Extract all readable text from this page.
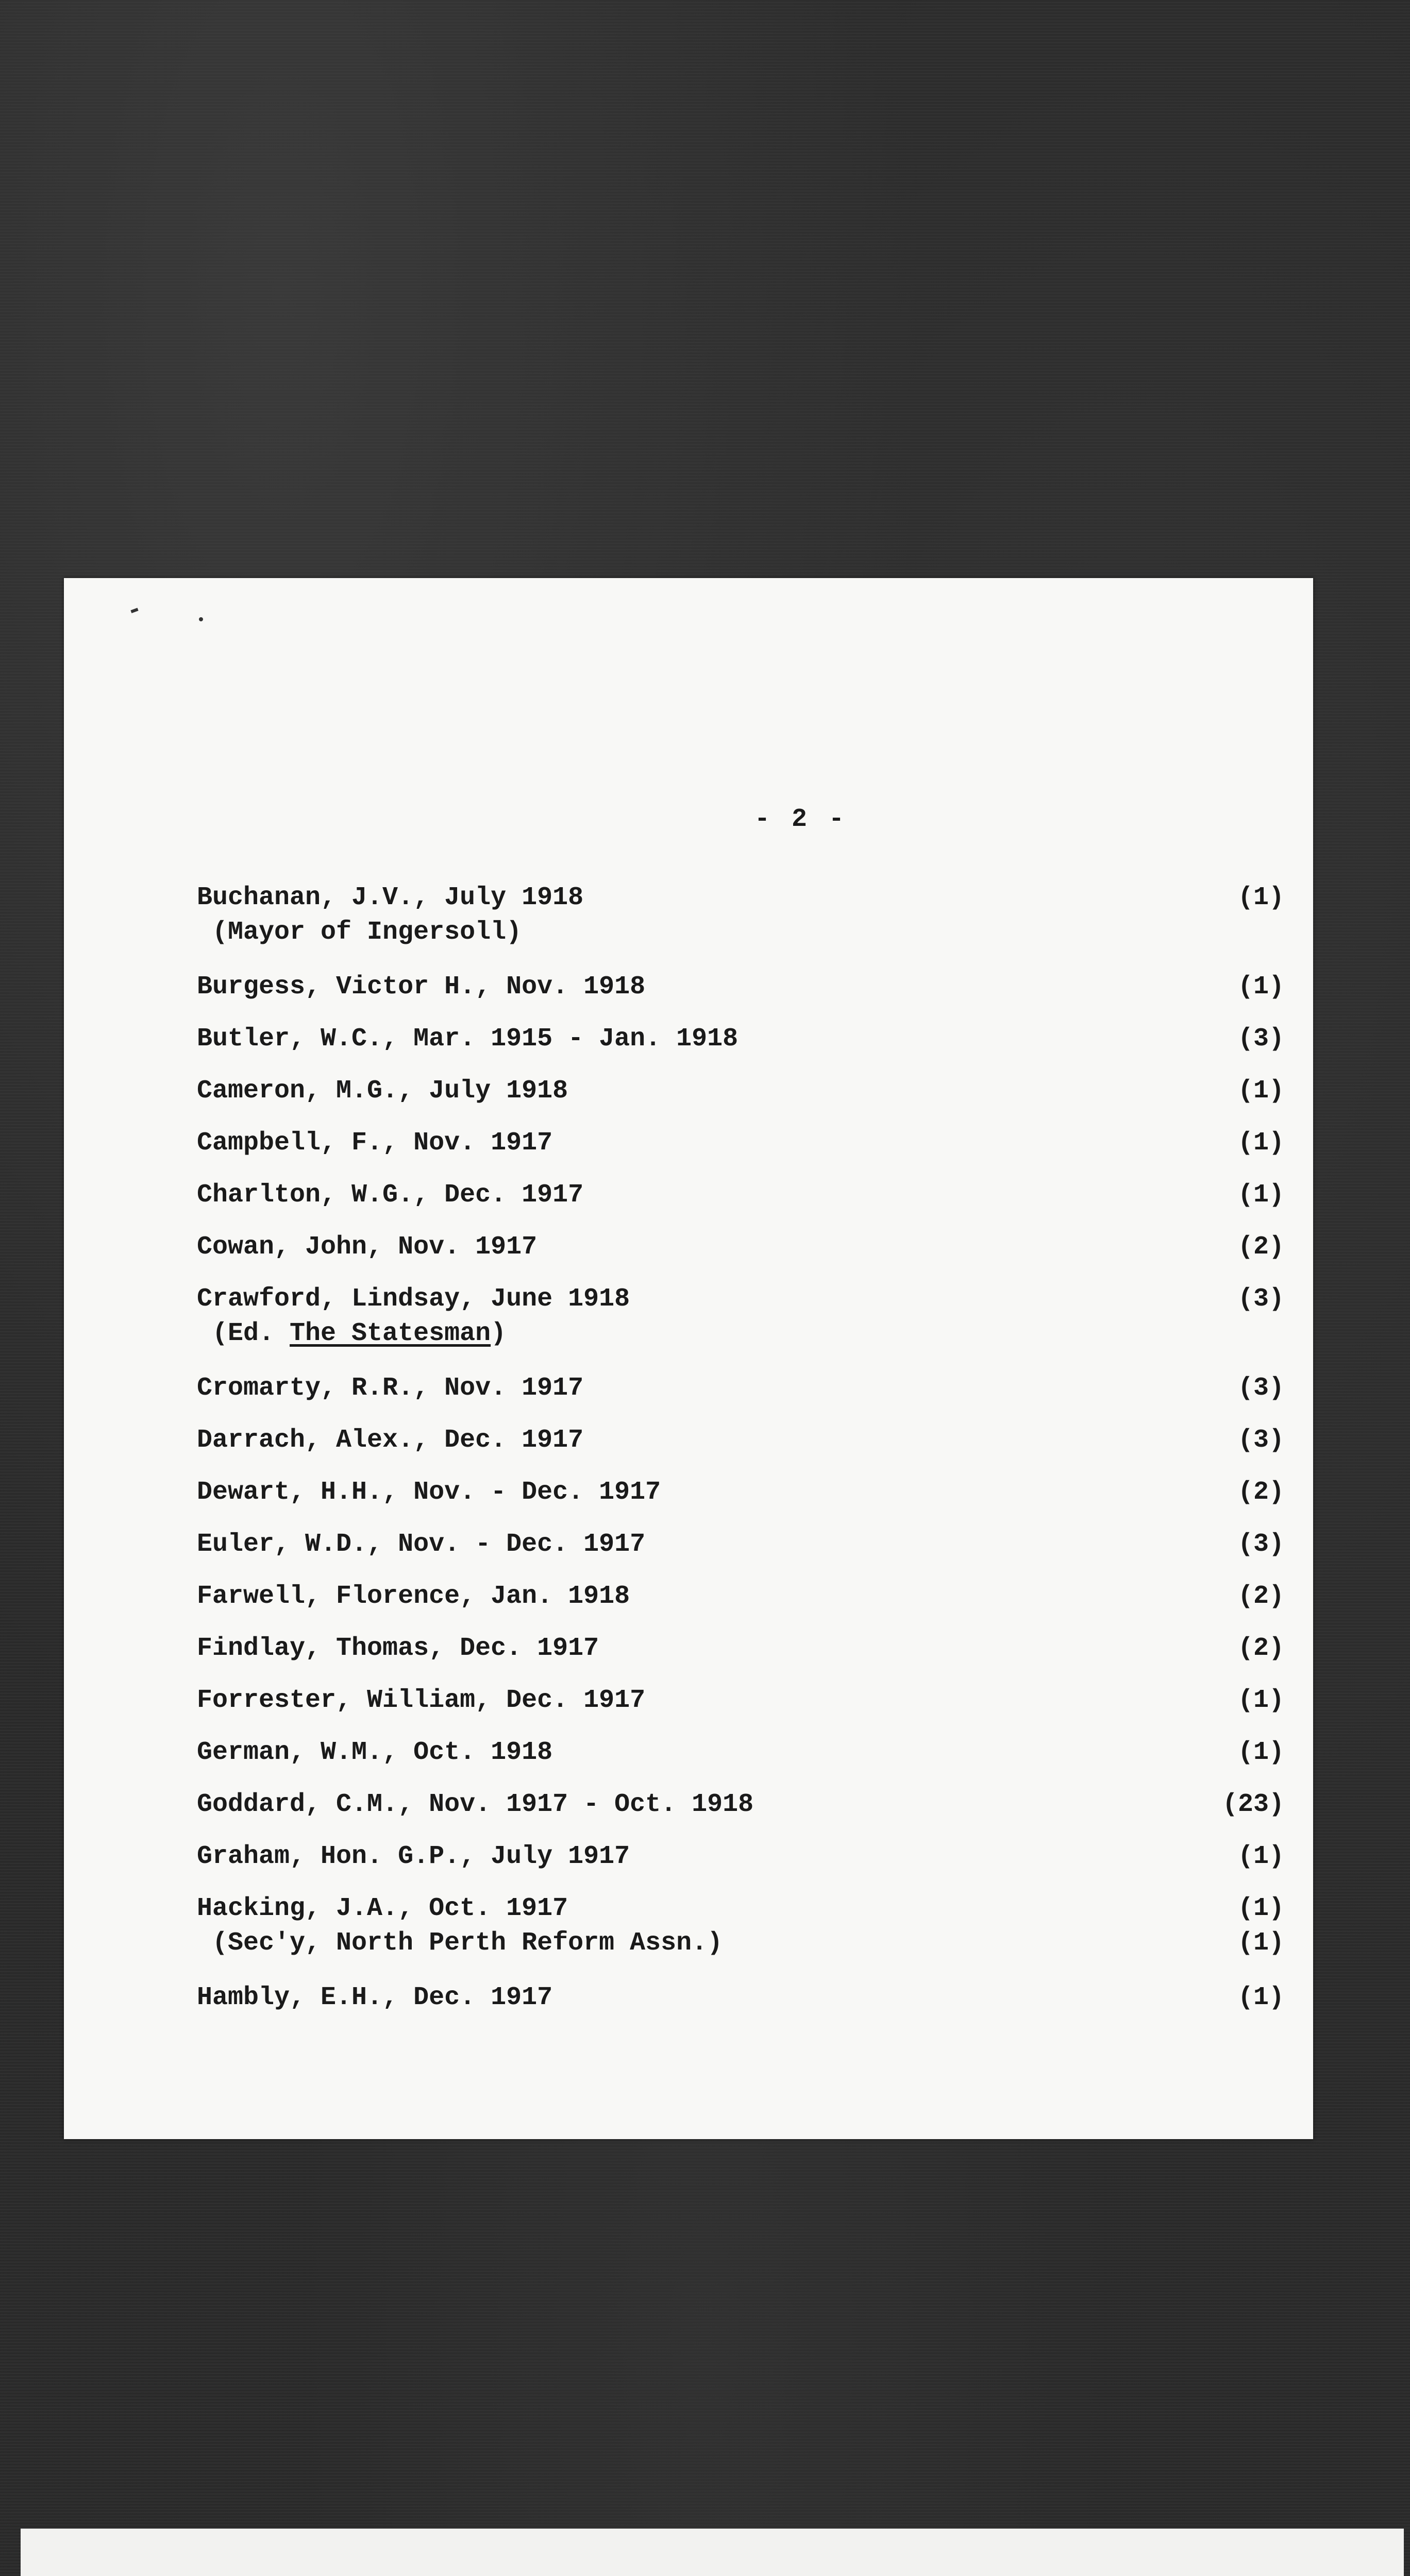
- 2 -
Buchanan, J.V., July 1918	(1)
(Mayor of Ingersoll)
Burgess, Victor H., Nov. 1918	(1)
Butler, W.C., Mar. 1915 - Jan. 1918	(3)
Cameron, M.G., July 1918	(1)
Campbell, F., Nov. 1917	(1)
Charlton, W.G., Dec. 1917	(1)
Cowan, John, Nov. 1917	(2)
Crawford, Lindsay, June 1918	(3)
(Ed. The Statesman)
Cromarty, R.R., Nov. 1917	(3)
Darrach, Alex., Dec. 1917	(3)
Dewart, H.H., Nov. - Dec. 1917	(2)
Euler, W.D., Nov. - Dec. 1917	(3)
Farwell, Florence, Jan. 1918	(2)
Findlay, Thomas, Dec. 1917	(2)
Forrester, William, Dec. 1917	(1)
German, W.M., Oct. 1918	(1)
Goddard, C.M., Nov. 1917 - Oct. 1918	(23)
Graham, Hon. G.P., July 1917	(1)
Hacking, J.A., Oct. 1917	(1)
(Sec'y, North Perth Reform Assn.)	(1)
Hambly, E.H., Dec. 1917	(1)
